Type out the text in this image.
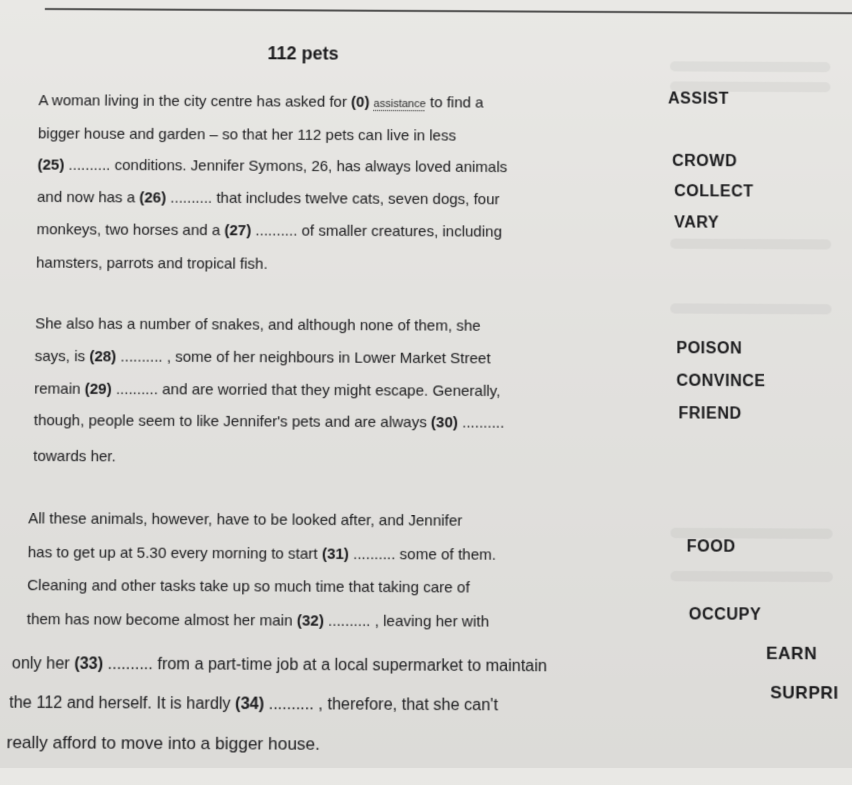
112 pets
A woman living in the city centre has asked for (0) assistance to find a
bigger house and garden – so that her 112 pets can live in less
(25) .......... conditions. Jennifer Symons, 26, has always loved animals
and now has a (26) .......... that includes twelve cats, seven dogs, four
monkeys, two horses and a (27) .......... of smaller creatures, including
hamsters, parrots and tropical fish.
She also has a number of snakes, and although none of them, she
says, is (28) .......... , some of her neighbours in Lower Market Street
remain (29) .......... and are worried that they might escape. Generally,
though, people seem to like Jennifer's pets and are always (30) ..........
towards her.
All these animals, however, have to be looked after, and Jennifer
has to get up at 5.30 every morning to start (31) .......... some of them.
Cleaning and other tasks take up so much time that taking care of
them has now become almost her main (32) .......... , leaving her with
only her (33) .......... from a part-time job at a local supermarket to maintain
the 112 and herself. It is hardly (34) .......... , therefore, that she can't
really afford to move into a bigger house.
ASSIST
CROWD
COLLECT
VARY
POISON
CONVINCE
FRIEND
FOOD
OCCUPY
EARN
SURPRI
